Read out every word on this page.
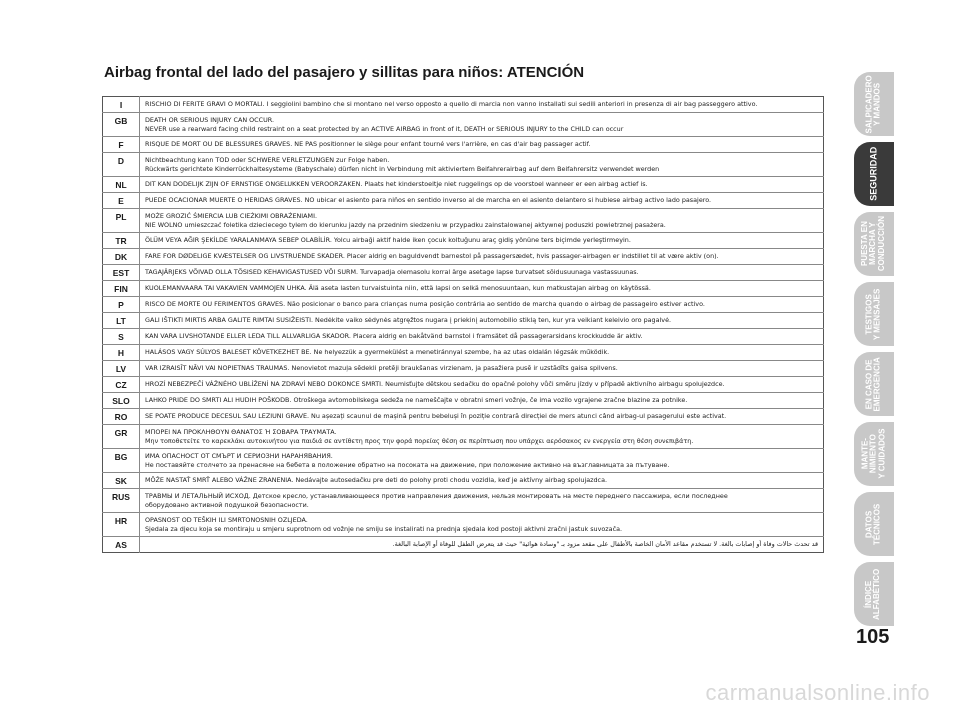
Airbag frontal del lado del pasajero y sillitas para niños: ATENCIÓN
I	RISCHIO DI FERITE GRAVI O MORTALI. I seggiolini bambino che si montano nel verso opposto a quello di marcia non vanno installati sui sedili anteriori in presenza di air bag passeggero attivo.

GB	DEATH OR SERIOUS INJURY CAN OCCUR.
NEVER use a rearward facing child restraint on a seat protected by an ACTIVE AIRBAG in front of it, DEATH or SERIOUS INJURY to the CHILD can occur

F	RISQUE DE MORT OU DE BLESSURES GRAVES. NE PAS positionner le siège pour enfant tourné vers l'arrière, en cas d'air bag passager actif.

D	Nichtbeachtung kann TOD oder SCHWERE VERLETZUNGEN zur Folge haben.
Rückwärts gerichtete Kinderrückhaltesysteme (Babyschale) dürfen nicht in Verbindung mit aktiviertem Beifahrerairbag auf dem Beifahrersitz verwendet werden

NL	DIT KAN DODELIJK ZIJN OF ERNSTIGE ONGELUKKEN VEROORZAKEN. Plaats het kinderstoeltje niet ruggelings op de voorstoel wanneer er een airbag actief is.

E	PUEDE OCACIONAR MUERTE O HERIDAS GRAVES. NO ubicar el asiento para niños en sentido inverso al de marcha en el asiento delantero si hubiese airbag activo lado pasajero.

PL	MOŻE GROZIĆ ŚMIERCIA LUB CIEŻKIMI OBRAŻENIAMI.
NIE WOLNO umieszczać foletika dzieciecego tylem do kierunku jazdy na przednim siedzeniu w przypadku zainstalowanej aktywnej poduszki powietrznej pasażera.

TR	ÖLÜM VEYA AĞIR ŞEKİLDE YARALANMAYA SEBEP OLABİLİR. Yolcu airbaği aktif halde iken çocuk koltuğunu araç gidiş yönüne ters biçimde yerleştirmeyin.

DK	FARE FOR DØDELIGE KVÆSTELSER OG LIVSTRUENDE SKADER. Placer aldrig en baguldvendt barnestol på passagersædet, hvis passager-airbagen er indstillet til at være aktiv (on).

EST	TAGAJÄRJEKS VÕIVAD OLLA TÕSISED KEHAVIGASTUSED VÕI SURM. Turvapadja olemasolu korral ärge asetage lapse turvatset sõidusuunaga vastassuunas.

FIN	KUOLEMANVAARA TAI VAKAVIEN VAMMOJEN UHKA. Älä aseta lasten turvaistuinta niin, että lapsi on selkä menosuuntaan, kun matkustajan airbag on käytössä.

P	RISCO DE MORTE OU FERIMENTOS GRAVES. Não posicionar o banco para crianças numa posição contrária ao sentido de marcha quando o airbag de passageiro estiver activo.

LT	GALI IŠTIKTI MIRTIS ARBA GALITE RIMTAI SUSIŽEISTI. Nedėkite vaiko sėdynės atgręžtos nugara į priekinį automobilio stiklą ten, kur yra veikiant keleivio oro pagalvė.

S	KAN VARA LIVSHOTANDE ELLER LEDA TILL ALLVARLIGA SKADOR. Placera aldrig en bakåtvänd barnstol i framsätet då passagerarsidans krockkudde är aktiv.

H	HALÁSOS VAGY SÚLYOS BALESET KÖVETKEZHET BE. Ne helyezzük a gyermekülést a menetiránnyal szembe, ha az utas oldalán légzsák működik.

LV	VAR IZRAISĪT NĀVI VAI NOPIETNAS TRAUMAS. Nenovietot mazuļa sēdekli pretēji braukšanas virzienam, ja pasažiera pusē ir uzstādīts gaisa spilvens.

CZ	HROZÍ NEBEZPEČÍ VÁŽNÉHO UBLÍŽENÍ NA ZDRAVÍ NEBO DOKONCE SMRTI. Neumisťujte dětskou sedačku do opačné polohy vůči směru jízdy v případě aktivního airbagu spolujezdce.

SLO	LAHKO PRIDE DO SMRTI ALI HUDIH POŠKODB. Otroškega avtomobilskega sedeža ne nameščajte v obratni smeri vožnje, če ima vozilo vgrajene zračne blazine za potnike.

RO	SE POATE PRODUCE DECESUL SAU LEZIUNI GRAVE. Nu așezați scaunul de mașină pentru bebeluși în poziție contrară direcției de mers atunci când airbag-ul pasagerului este activat.

GR	ΜΠΟΡΕΙ ΝΑ ΠΡΟΚΛΗΘΟΥΝ ΘΑΝΑΤΟΣ Ή ΣΟΒΑΡΑ ΤΡΑΥΜΑΤΑ.
Μην τοποθετείτε το καρεκλάκι αυτοκινήτου για παιδιά σε αντίθετη προς την φορά πορείας θέση σε περίπτωση που υπάρχει αερόσακος εν ενεργεία στη θέση συνεπιβάτη.

BG	ИМА ОПАСНОСТ ОТ СМЪРТ И СЕРИОЗНИ НАРАНЯВАНИЯ.
Не поставяйте столчето за пренасяне на бебета в положение обратно на посоката на движение, при положение активно на възглавницата за пътуване.

SK	MÔŽE NASTAŤ SMRŤ ALEBO VÁŽNE ZRANENIA. Nedávajte autosedačku pre deti do polohy proti chodu vozidla, keď je aktívny airbag spolujazdca.

RUS	ТРАВМЫ И ЛЕТАЛЬНЫЙ ИСХОД. Детское кресло, устанавливающееся против направления движения, нельзя монтировать на месте переднего пассажира, если последнее
оборудовано активной подушкой безопасности.

HR	OPASNOST OD TEŠKIH ILI SMRTONOSNIH OZLJEDA.
Sjedala za djecu koja se montiraju u smjeru suprotnom od vožnje ne smiju se instalirati na prednja sjedala kod postoji aktivni zračni jastuk suvozača.

AS	قد تحدث حالات وفاة أو إصابات بالغة. لا تستخدم مقاعد الأمان الخاصة بالأطفال على مقعد مزود بـ "وسادة هوائية" حيث قد يتعرض الطفل للوفاة أو الإصابة البالغة.
SALPICADERO Y MANDOS
SEGURIDAD
PUESTA EN MARCHA Y CONDUCCIÓN
TESTIGOS Y MENSAJES
EN CASO DE EMERGENCIA
MANTE- NIMIENTO Y CUIDADOS
DATOS TÉCNICOS
ÍNDICE ALFABÉTICO
105
carmanualsonline.info
